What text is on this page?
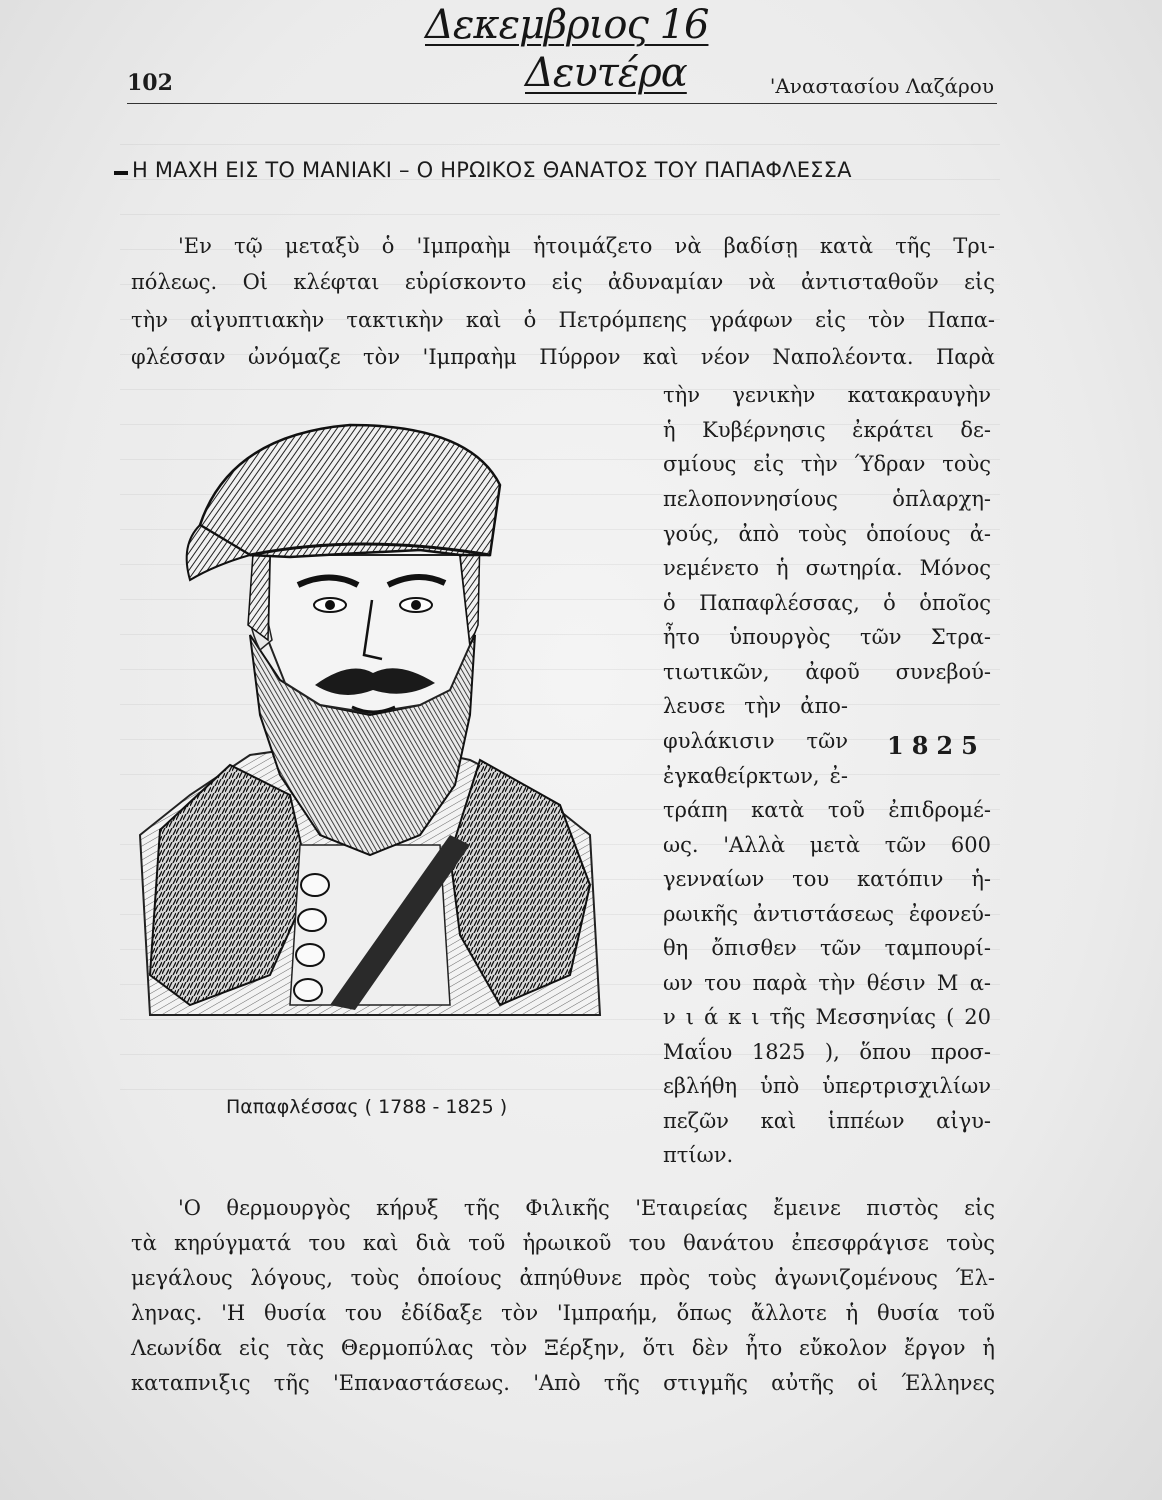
Δεκεμβριος 16
Δευτέρα
102	'Αναστασίου Λαζάρου
Η ΜΑΧΗ ΕΙΣ ΤΟ ΜΑΝΙΑΚΙ – Ο ΗΡΩΙΚΟΣ ΘΑΝΑΤΟΣ ΤΟΥ ΠΑΠΑΦΛΕΣΣΑ
'Εν τῷ μεταξὺ ὁ 'Ιμπραὴμ ἡτοιμάζετο νὰ βαδίσῃ κατὰ τῆς Τρι-
πόλεως. Οἱ κλέφται εὑρίσκοντο εἰς ἀδυναμίαν νὰ ἀντισταθοῦν εἰς
τὴν αἰγυπτιακὴν τακτικὴν καὶ ὁ Πετρόμπεης γράφων εἰς τὸν Παπα-
φλέσσαν ὠνόμαζε τὸν 'Ιμπραὴμ Πύρρον καὶ νέον Ναπολέοντα. Παρὰ
τὴν γενικὴν κατακραυγὴν
ἡ Κυβέρνησις ἐκράτει δε-
σμίους εἰς τὴν Ύδραν τοὺς
πελοποννησίους ὁπλαρχη-
γούς, ἀπὸ τοὺς ὁποίους ἀ-
νεμένετο ἡ σωτηρία. Μόνος
ὁ Παπαφλέσσας, ὁ ὁποῖος
ἦτο ὑπουργὸς τῶν Στρα-
τιωτικῶν, ἀφοῦ συνεβού-
λευσε τὴν ἀπο-
φυλάκισιν τῶν
ἐγκαθείρκτων, ἐ-
τράπη κατὰ τοῦ ἐπιδρομέ-
ως. 'Αλλὰ μετὰ τῶν 600
γενναίων του κατόπιν ἡ-
ρωικῆς ἀντιστάσεως ἐφονεύ-
θη ὄπισθεν τῶν ταμπουρί-
ων του παρὰ τὴν θέσιν Μ α-
ν ι ά κ ι τῆς Μεσσηνίας ( 20
Μαΐου 1825 ), ὅπου προσ-
εβλήθη ὑπὸ ὑπερτρισχιλίων
πεζῶν καὶ ἱππέων αἰγυ-
πτίων.
1825
Παπαφλέσσας ( 1788 - 1825 )
'Ο θερμουργὸς κήρυξ τῆς Φιλικῆς 'Εταιρείας ἔμεινε πιστὸς εἰς
τὰ κηρύγματά του καὶ διὰ τοῦ ἡρωικοῦ του θανάτου ἐπεσφράγισε τοὺς
μεγάλους λόγους, τοὺς ὁποίους ἀπηύθυνε πρὸς τοὺς ἀγωνιζομένους Έλ-
ληνας. 'Η θυσία του ἐδίδαξε τὸν 'Ιμπραήμ, ὅπως ἄλλοτε ἡ θυσία τοῦ
Λεωνίδα εἰς τὰς Θερμοπύλας τὸν Ξέρξην, ὅτι δὲν ἦτο εὔκολον ἔργον ἡ
καταπνιξις τῆς 'Επαναστάσεως. 'Απὸ τῆς στιγμῆς αὐτῆς οἱ Έλληνες
